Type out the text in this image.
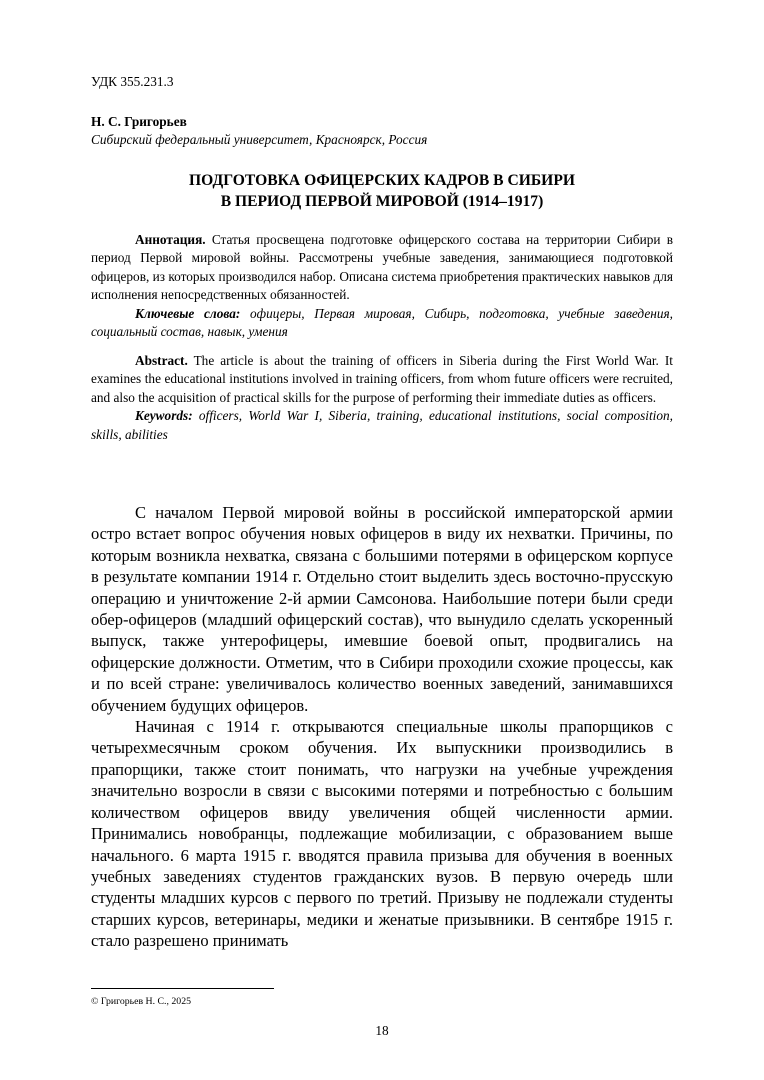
УДК 355.231.3
Н. С. Григорьев
Сибирский федеральный университет, Красноярск, Россия
ПОДГОТОВКА ОФИЦЕРСКИХ КАДРОВ В СИБИРИ
В ПЕРИОД ПЕРВОЙ МИРОВОЙ (1914–1917)

Аннотация. Статья просвещена подготовке офицерского состава на территории Сибири в период Первой мировой войны. Рассмотрены учебные заведения, занимающиеся подготовкой офицеров, из которых производился набор. Описана система приобретения практических навыков для исполнения непосредственных обязанностей.

Ключевые слова: офицеры, Первая мировая, Сибирь, подготовка, учебные заведения, социальный состав, навык, умения

Abstract. The article is about the training of officers in Siberia during the First World War. It examines the educational institutions involved in training officers, from whom future officers were recruited, and also the acquisition of practical skills for the purpose of performing their immediate duties as officers.

Keywords: officers, World War I, Siberia, training, educational institutions, social composition, skills, abilities

С началом Первой мировой войны в российской императорской армии остро встает вопрос обучения новых офицеров в виду их нехватки. Причины, по которым возникла нехватка, связана с большими потерями в офицерском корпусе в результате компании 1914 г. Отдельно стоит выделить здесь восточно-прусскую операцию и уничтожение 2-й армии Самсонова. Наибольшие потери были среди обер-офицеров (младший офицерский состав), что вынудило сделать ускоренный выпуск, также унтерофицеры, имевшие боевой опыт, продвигались на офицерские должности. Отметим, что в Сибири проходили схожие процессы, как и по всей стране: увеличивалось количество военных заведений, занимавшихся обучением будущих офицеров.

Начиная с 1914 г. открываются специальные школы прапорщиков с четырехмесячным сроком обучения. Их выпускники производились в прапорщики, также стоит понимать, что нагрузки на учебные учреждения значительно возросли в связи с высокими потерями и потребностью с большим количеством офицеров ввиду увеличения общей численности армии. Принимались новобранцы, подлежащие мобилизации, с образованием выше начального. 6 марта 1915 г. вводятся правила призыва для обучения в военных учебных заведениях студентов гражданских вузов. В первую очередь шли студенты младших курсов с первого по третий. Призыву не подлежали студенты старших курсов, ветеринары, медики и женатые призывники. В сентябре 1915 г. стало разрешено принимать

© Григорьев Н. С., 2025
18
